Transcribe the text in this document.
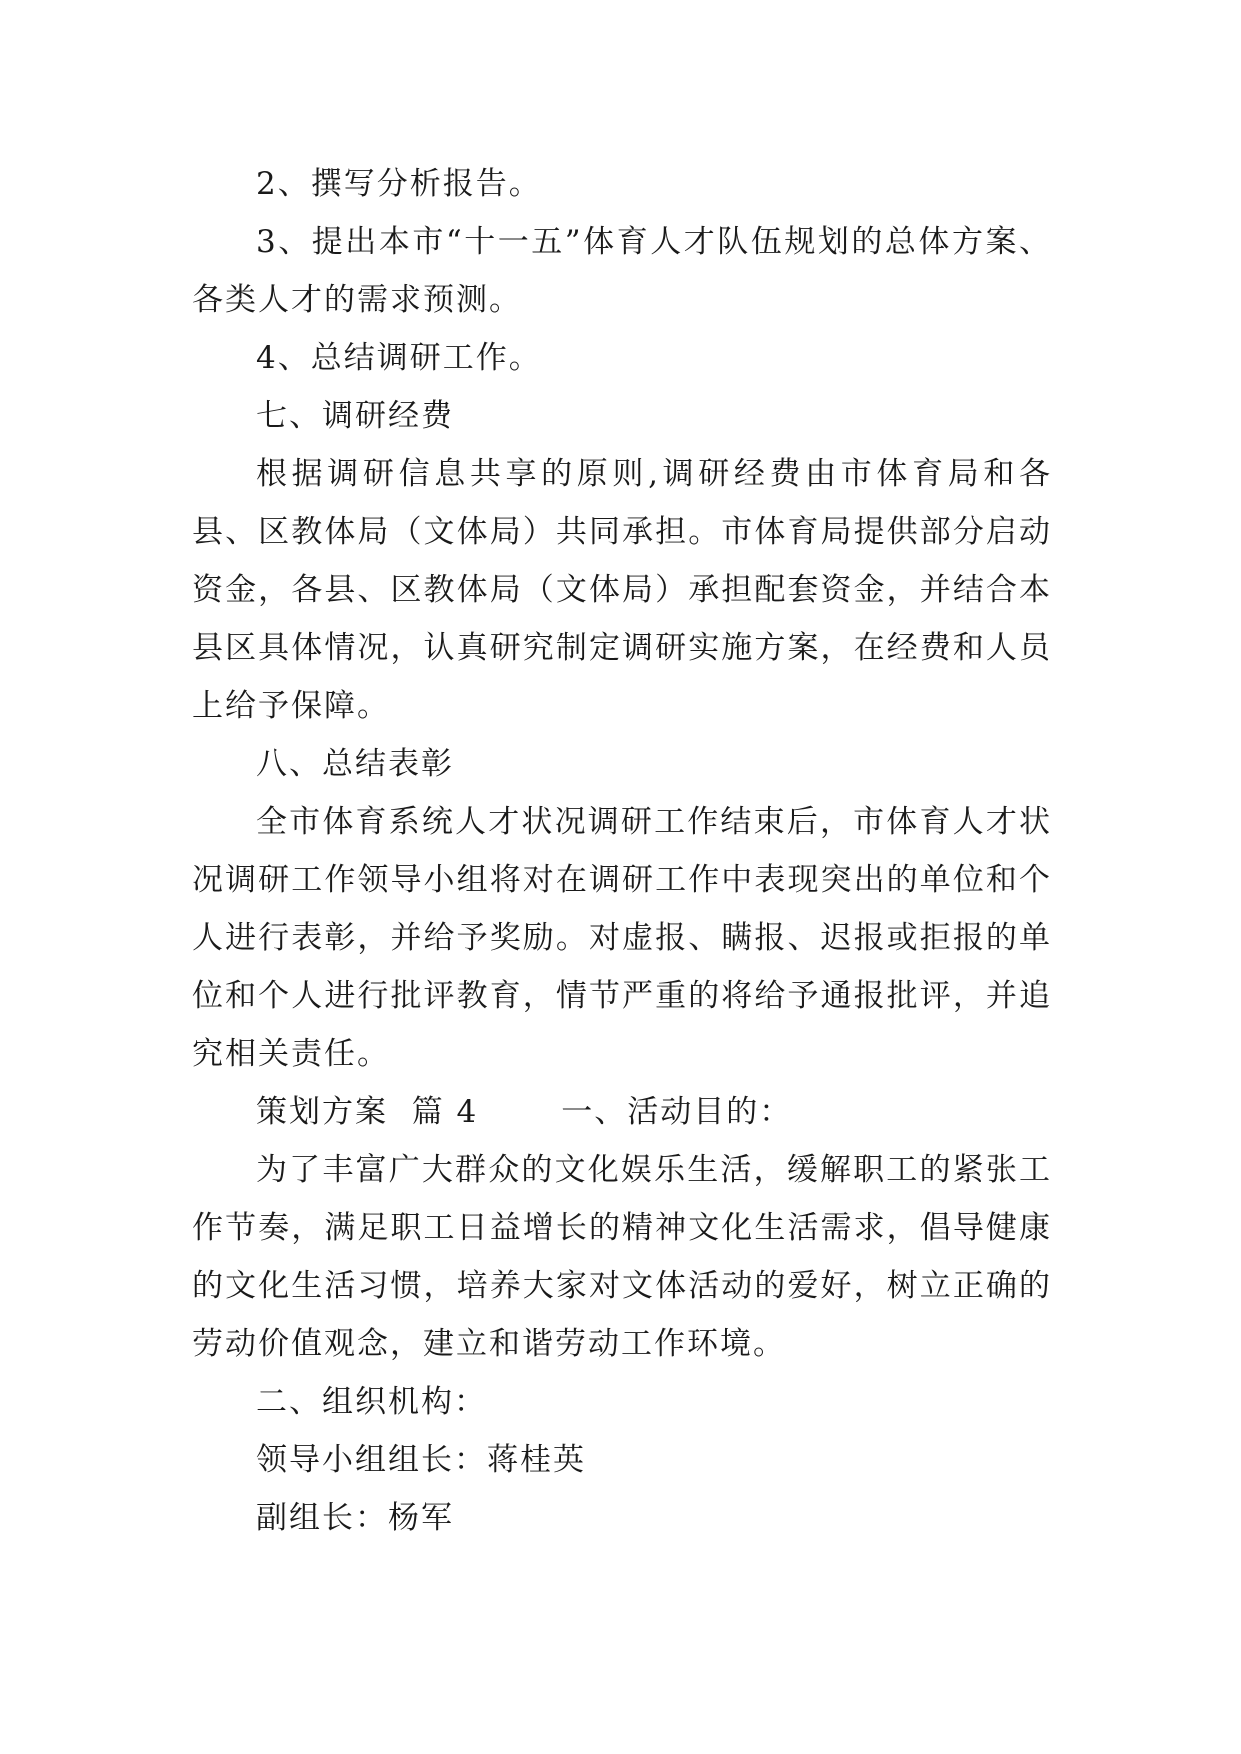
2、撰写分析报告。

3、提出本市“十一五”体育人才队伍规划的总体方案、各类人才的需求预测。

4、总结调研工作。

七、调研经费

根据调研信息共享的原则,调研经费由市体育局和各县、区教体局（文体局）共同承担。市体育局提供部分启动资金，各县、区教体局（文体局）承担配套资金，并结合本县区具体情况，认真研究制定调研实施方案，在经费和人员上给予保障。

八、总结表彰

全市体育系统人才状况调研工作结束后，市体育人才状况调研工作领导小组将对在调研工作中表现突出的单位和个人进行表彰，并给予奖励。对虚报、瞒报、迟报或拒报的单位和个人进行批评教育，情节严重的将给予通报批评，并追究相关责任。

策划方案  篇 4       一、活动目的：

为了丰富广大群众的文化娱乐生活，缓解职工的紧张工作节奏，满足职工日益增长的精神文化生活需求，倡导健康的文化生活习惯，培养大家对文体活动的爱好，树立正确的劳动价值观念，建立和谐劳动工作环境。

二、组织机构：

领导小组组长：蒋桂英

副组长：杨军
